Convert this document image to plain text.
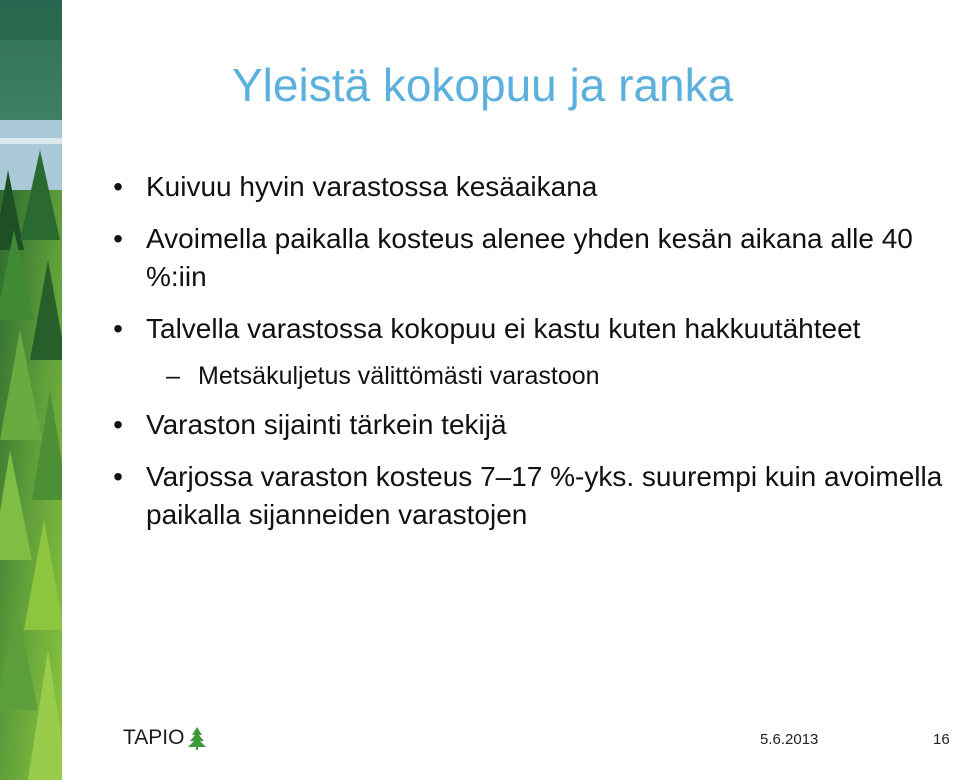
Yleistä kokopuu ja ranka
• Kuivuu hyvin varastossa kesäaikana
• Avoimella paikalla kosteus alenee yhden kesän aikana alle 40 %:iin
• Talvella varastossa kokopuu ei kastu kuten hakkuutähteet
– Metsäkuljetus välittömästi varastoon
• Varaston sijainti tärkein tekijä
• Varjossa varaston kosteus 7–17 %-yks. suurempi kuin avoimella paikalla sijanneiden varastojen
TAPIO	5.6.2013	16
